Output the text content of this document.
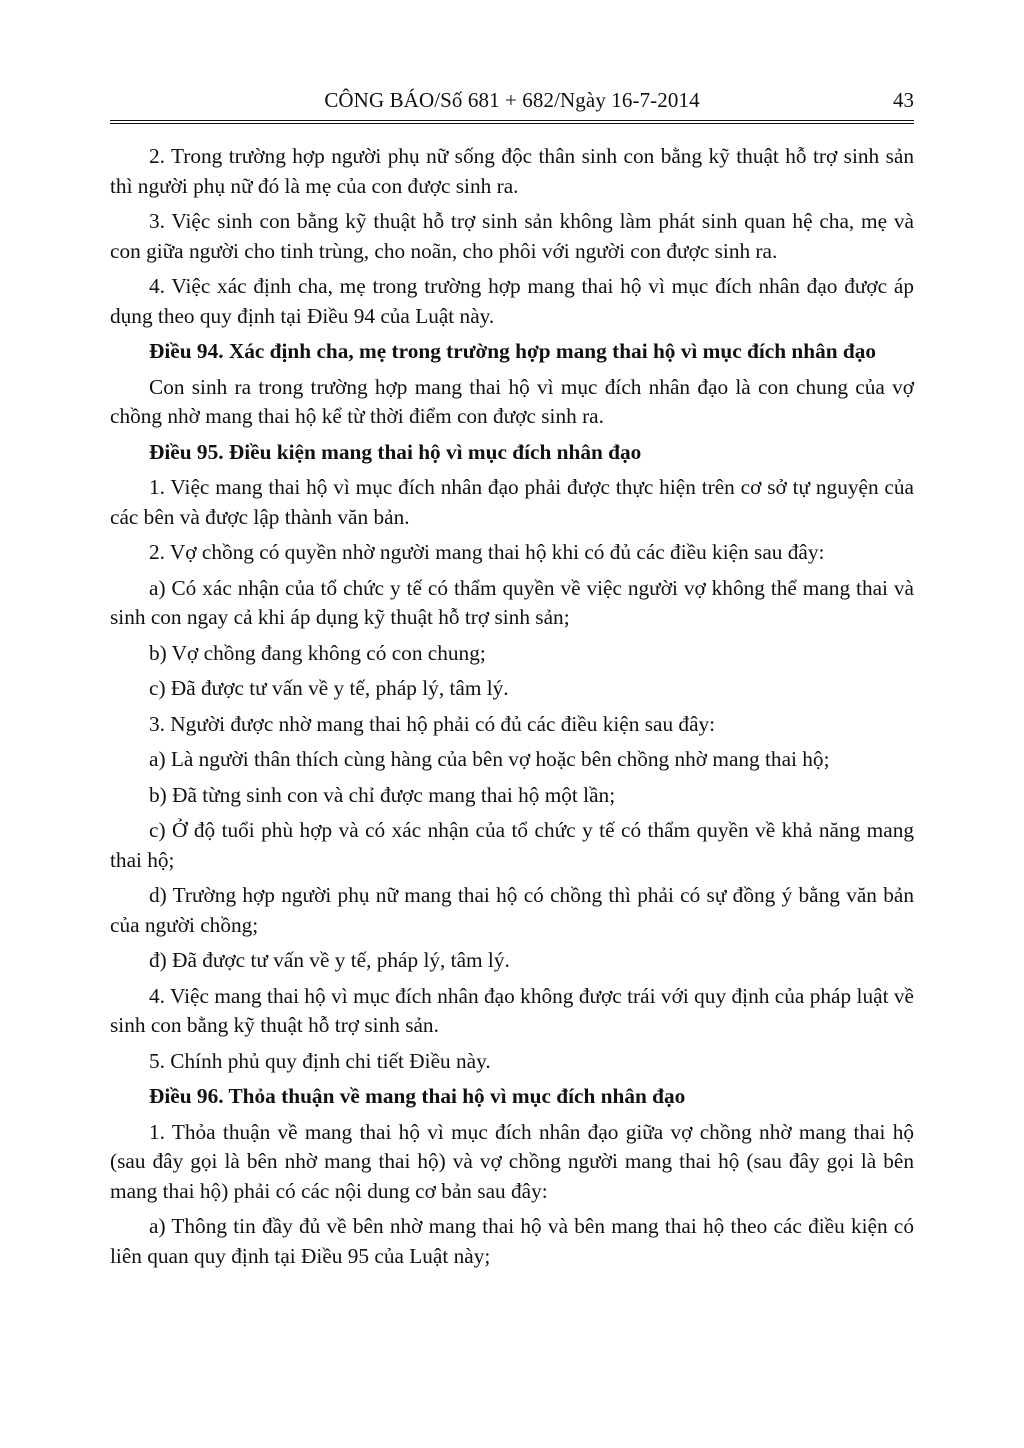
CÔNG BÁO/Số 681 + 682/Ngày 16-7-2014	43

2. Trong trường hợp người phụ nữ sống độc thân sinh con bằng kỹ thuật hỗ trợ sinh sản thì người phụ nữ đó là mẹ của con được sinh ra.

3. Việc sinh con bằng kỹ thuật hỗ trợ sinh sản không làm phát sinh quan hệ cha, mẹ và con giữa người cho tinh trùng, cho noãn, cho phôi với người con được sinh ra.

4. Việc xác định cha, mẹ trong trường hợp mang thai hộ vì mục đích nhân đạo được áp dụng theo quy định tại Điều 94 của Luật này.

Điều 94. Xác định cha, mẹ trong trường hợp mang thai hộ vì mục đích nhân đạo

Con sinh ra trong trường hợp mang thai hộ vì mục đích nhân đạo là con chung của vợ chồng nhờ mang thai hộ kể từ thời điểm con được sinh ra.

Điều 95. Điều kiện mang thai hộ vì mục đích nhân đạo

1. Việc mang thai hộ vì mục đích nhân đạo phải được thực hiện trên cơ sở tự nguyện của các bên và được lập thành văn bản.

2. Vợ chồng có quyền nhờ người mang thai hộ khi có đủ các điều kiện sau đây:

a) Có xác nhận của tổ chức y tế có thẩm quyền về việc người vợ không thể mang thai và sinh con ngay cả khi áp dụng kỹ thuật hỗ trợ sinh sản;

b) Vợ chồng đang không có con chung;

c) Đã được tư vấn về y tế, pháp lý, tâm lý.

3. Người được nhờ mang thai hộ phải có đủ các điều kiện sau đây:

a) Là người thân thích cùng hàng của bên vợ hoặc bên chồng nhờ mang thai hộ;

b) Đã từng sinh con và chỉ được mang thai hộ một lần;

c) Ở độ tuổi phù hợp và có xác nhận của tổ chức y tế có thẩm quyền về khả năng mang thai hộ;

d) Trường hợp người phụ nữ mang thai hộ có chồng thì phải có sự đồng ý bằng văn bản của người chồng;

đ) Đã được tư vấn về y tế, pháp lý, tâm lý.

4. Việc mang thai hộ vì mục đích nhân đạo không được trái với quy định của pháp luật về sinh con bằng kỹ thuật hỗ trợ sinh sản.

5. Chính phủ quy định chi tiết Điều này.

Điều 96. Thỏa thuận về mang thai hộ vì mục đích nhân đạo

1. Thỏa thuận về mang thai hộ vì mục đích nhân đạo giữa vợ chồng nhờ mang thai hộ (sau đây gọi là bên nhờ mang thai hộ) và vợ chồng người mang thai hộ (sau đây gọi là bên mang thai hộ) phải có các nội dung cơ bản sau đây:

a) Thông tin đầy đủ về bên nhờ mang thai hộ và bên mang thai hộ theo các điều kiện có liên quan quy định tại Điều 95 của Luật này;
